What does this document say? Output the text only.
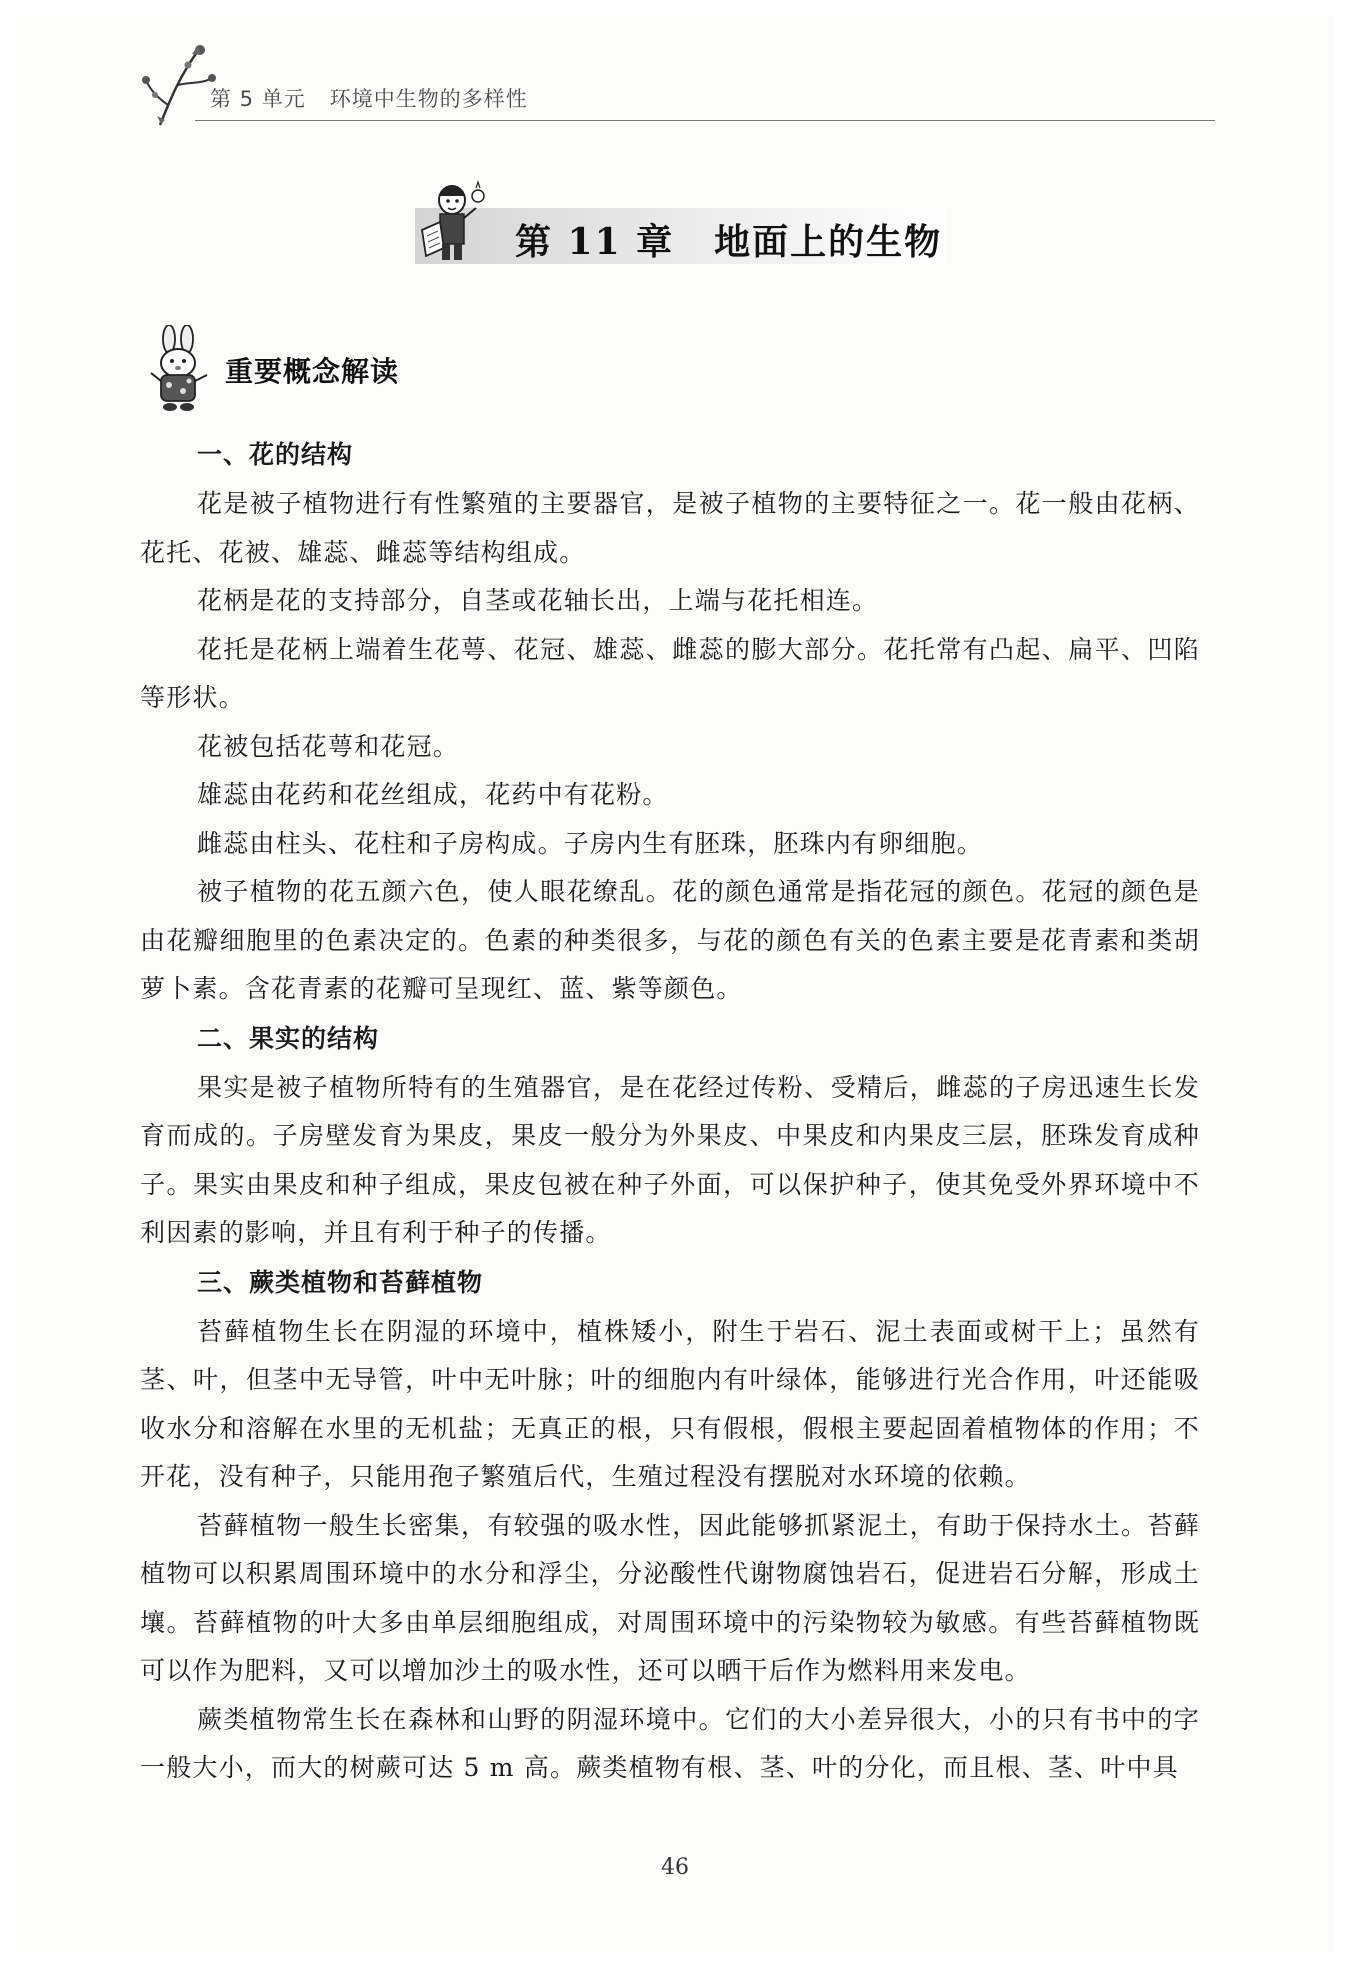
第 5 单元 环境中生物的多样性
第 11 章 地面上的生物
重要概念解读
一、花的结构

花是被子植物进行有性繁殖的主要器官，是被子植物的主要特征之一。花一般由花柄、花托、花被、雄蕊、雌蕊等结构组成。

花柄是花的支持部分，自茎或花轴长出，上端与花托相连。

花托是花柄上端着生花萼、花冠、雄蕊、雌蕊的膨大部分。花托常有凸起、扁平、凹陷等形状。

花被包括花萼和花冠。

雄蕊由花药和花丝组成，花药中有花粉。

雌蕊由柱头、花柱和子房构成。子房内生有胚珠，胚珠内有卵细胞。

被子植物的花五颜六色，使人眼花缭乱。花的颜色通常是指花冠的颜色。花冠的颜色是由花瓣细胞里的色素决定的。色素的种类很多，与花的颜色有关的色素主要是花青素和类胡萝卜素。含花青素的花瓣可呈现红、蓝、紫等颜色。

二、果实的结构

果实是被子植物所特有的生殖器官，是在花经过传粉、受精后，雌蕊的子房迅速生长发育而成的。子房壁发育为果皮，果皮一般分为外果皮、中果皮和内果皮三层，胚珠发育成种子。果实由果皮和种子组成，果皮包被在种子外面，可以保护种子，使其免受外界环境中不利因素的影响，并且有利于种子的传播。

三、蕨类植物和苔藓植物

苔藓植物生长在阴湿的环境中，植株矮小，附生于岩石、泥土表面或树干上；虽然有茎、叶，但茎中无导管，叶中无叶脉；叶的细胞内有叶绿体，能够进行光合作用，叶还能吸收水分和溶解在水里的无机盐；无真正的根，只有假根，假根主要起固着植物体的作用；不开花，没有种子，只能用孢子繁殖后代，生殖过程没有摆脱对水环境的依赖。

苔藓植物一般生长密集，有较强的吸水性，因此能够抓紧泥土，有助于保持水土。苔藓植物可以积累周围环境中的水分和浮尘，分泌酸性代谢物腐蚀岩石，促进岩石分解，形成土壤。苔藓植物的叶大多由单层细胞组成，对周围环境中的污染物较为敏感。有些苔藓植物既可以作为肥料，又可以增加沙土的吸水性，还可以晒干后作为燃料用来发电。

蕨类植物常生长在森林和山野的阴湿环境中。它们的大小差异很大，小的只有书中的字一般大小，而大的树蕨可达 5 m 高。蕨类植物有根、茎、叶的分化，而且根、茎、叶中具

46
